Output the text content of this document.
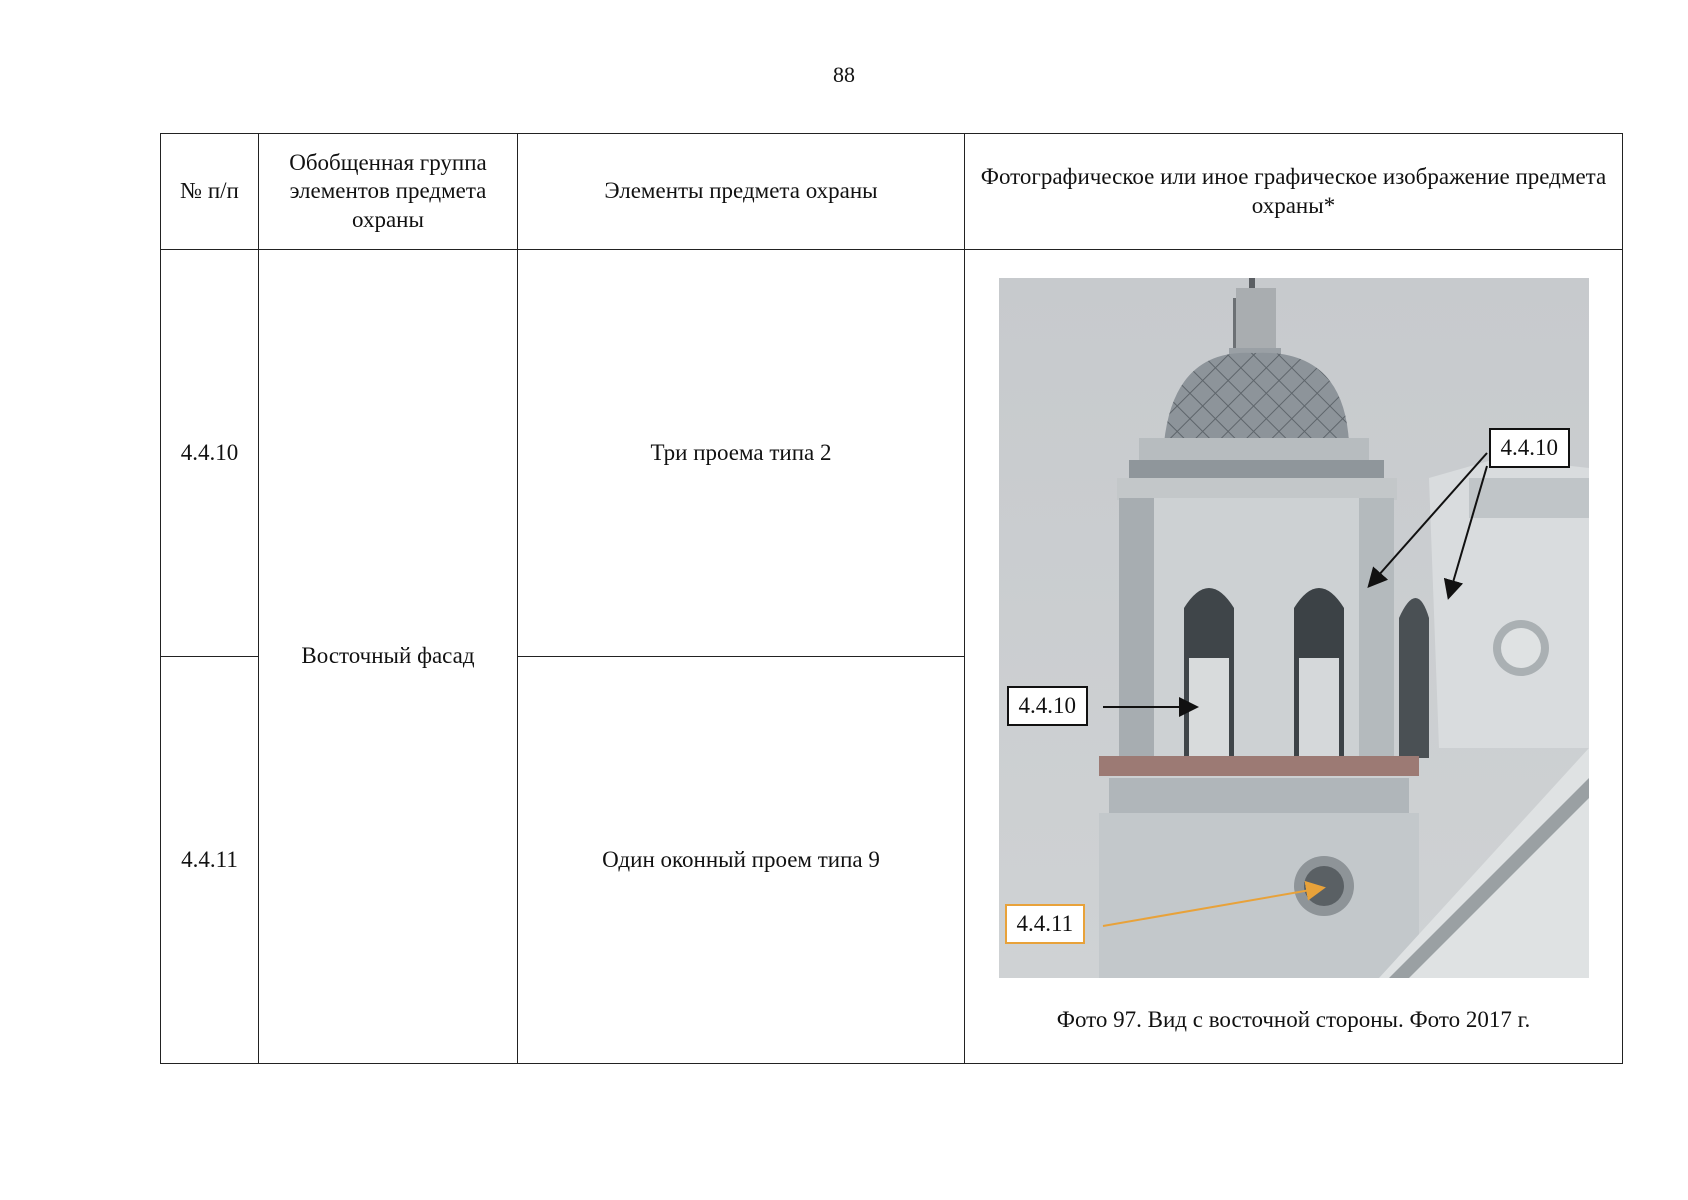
88
№ п/п	Обобщенная группа элементов предмета охраны	Элементы предмета охраны	Фотографическое или иное графическое изображение предмета охраны*
4.4.10	Восточный фасад	Три проема типа 2	4.4.10
4.4.10
4.4.11
Фото 97. Вид с восточной стороны. Фото 2017 г.

4.4.11		Один оконный проем типа 9	
